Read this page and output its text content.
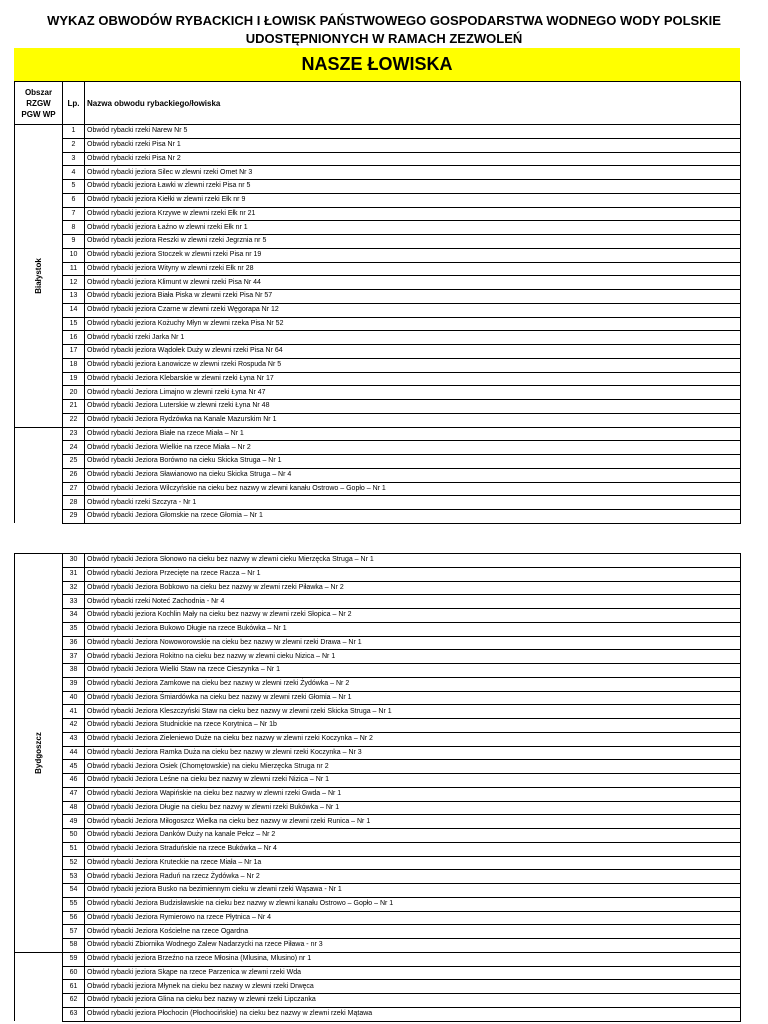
WYKAZ OBWODÓW RYBACKICH I ŁOWISK PAŃSTWOWEGO GOSPODARSTWA WODNEGO WODY POLSKIE
UDOSTĘPNIONYCH W RAMACH ZEZWOLEŃ
NASZE ŁOWISKA
Obszar RZGW PGW WP	Lp.	Nazwa obwodu rybackiego/łowiska

Białystok	1	Obwód rybacki rzeki Narew Nr 5
	2	Obwód rybacki rzeki Pisa Nr 1
	3	Obwód rybacki rzeki Pisa Nr 2
	4	Obwód rybacki jeziora Silec w zlewni rzeki Omet Nr 3
	5	Obwód rybacki jeziora Ławki w zlewni rzeki Pisa nr 5
	6	Obwód rybacki jeziora Kiełki w zlewni rzeki Ełk nr 9
	7	Obwód rybacki jeziora Krzywe w zlewni rzeki Ełk nr 21
	8	Obwód rybacki jeziora Łaźno w zlewni rzeki Ełk nr 1
	9	Obwód rybacki jeziora Reszki w zlewni rzeki Jegrznia nr 5
	10	Obwód rybacki jeziora Stoczek w zlewni rzeki Pisa nr 19
	11	Obwód rybacki jeziora Wityny w zlewni rzeki Ełk nr 28
	12	Obwód rybacki jeziora Klimunt w zlewni rzeki Pisa Nr 44
	13	Obwód rybacki jeziora Biała Piska w zlewni rzeki Pisa Nr 57
	14	Obwód rybacki jeziora Czarne w zlewni rzeki Węgorapa Nr 12
	15	Obwód rybacki jeziora Kożuchy Młyn w zlewni rzeka Pisa Nr 52
	16	Obwód rybacki rzeki Jarka Nr 1
	17	Obwód rybacki jeziora Wądołek Duży w zlewni rzeki Pisa Nr 64
	18	Obwód rybacki jeziora Łanowicze w zlewni rzeki Rospuda Nr 5
	19	Obwód rybacki Jeziora Klebarskie w zlewni rzeki Łyna Nr 17
	20	Obwód rybacki Jeziora Limajno w zlewni rzeki Łyna Nr 47
	21	Obwód rybacki Jeziora Luterskie w zlewni rzeki Łyna Nr 48
	22	Obwód rybacki Jeziora Rydzówka na Kanale Mazurskim Nr 1
	23	Obwód rybacki Jeziora Białe na rzece Miała – Nr 1
	24	Obwód rybacki Jeziora Wielkie na rzece Miała – Nr 2
	25	Obwód rybacki Jeziora Borówno na cieku Skicka Struga – Nr 1
	26	Obwód rybacki Jeziora Sławianowo na cieku Skicka Struga – Nr 4
	27	Obwód rybacki Jeziora Wilczyńskie na cieku bez nazwy w zlewni kanału Ostrowo – Gopło – Nr 1
	28	Obwód rybacki rzeki Szczyra - Nr 1
	29	Obwód rybacki Jeziora Głomskie na rzece Głomia – Nr 1
Bydgoszcz	30	Obwód rybacki Jeziora Słonowo na cieku bez nazwy w zlewni cieku Mierzęcka Struga – Nr 1
	31	Obwód rybacki Jeziora Przecięte na rzece Racza – Nr 1
	32	Obwód rybacki Jeziora Bobkowo na cieku bez nazwy w zlewni rzeki Piławka – Nr 2
	33	Obwód rybacki rzeki Noteć Zachodnia - Nr 4
	34	Obwód rybacki jeziora Kochlin Mały na cieku bez nazwy w zlewni rzeki Słopica – Nr 2
	35	Obwód rybacki Jeziora Bukowo Długie na rzece Bukówka – Nr 1
	36	Obwód rybacki Jeziora Nowoworowskie na cieku bez nazwy w zlewni rzeki Drawa – Nr 1
	37	Obwód rybacki Jeziora Rokitno na cieku bez nazwy w zlewni cieku Nizica – Nr 1
	38	Obwód rybacki Jeziora Wielki Staw na rzece Cieszynka – Nr 1
	39	Obwód rybacki Jeziora Zamkowe na cieku bez nazwy w zlewni rzeki Żydówka – Nr 2
	40	Obwód rybacki Jeziora Śmiardówka na cieku bez nazwy w zlewni rzeki Głomia – Nr 1
	41	Obwód rybacki Jeziora Kleszczyński Staw na cieku bez nazwy w zlewni rzeki Skicka Struga – Nr 1
	42	Obwód rybacki Jeziora Studnickie na rzece Korytnica – Nr 1b
	43	Obwód rybacki Jeziora Zieleniewo Duże na cieku bez nazwy w zlewni rzeki Koczynka – Nr 2
	44	Obwód rybacki Jeziora Ramka Duża na cieku bez nazwy w zlewni rzeki Koczynka – Nr 3
	45	Obwód rybacki Jeziora Osiek (Chomętowskie) na cieku Mierzęcka Struga nr 2
	46	Obwód rybacki Jeziora Leśne na cieku bez nazwy w zlewni rzeki Nizica – Nr 1
	47	Obwód rybacki Jeziora Wapińskie na cieku bez nazwy w zlewni rzeki Gwda – Nr 1
	48	Obwód rybacki Jeziora Długie na cieku bez nazwy w zlewni rzeki Bukówka – Nr 1
	49	Obwód rybacki Jeziora Miłogoszcz Wielka na cieku bez nazwy w zlewni rzeki Runica – Nr 1
	50	Obwód rybacki Jeziora Danków Duży na kanale Pełcz – Nr 2
	51	Obwód rybacki Jeziora Straduńskie na rzece Bukówka – Nr 4
	52	Obwód rybacki Jeziora Kruteckie na rzece Miała – Nr 1a
	53	Obwód rybacki Jeziora Raduń na rzecz Żydówka – Nr 2
	54	Obwód rybacki jeziora Busko na bezimiennym cieku w zlewni rzeki Wąsawa - Nr 1
	55	Obwód rybacki Jeziora Budzisławskie na cieku bez nazwy w zlewni kanału Ostrowo – Gopło – Nr 1
	56	Obwód rybacki Jeziora Rymierowo na rzece Płytnica – Nr 4
	57	Obwód rybacki Jeziora Kościelne na rzece Ogardna
	58	Obwód rybacki Zbiornika Wodnego Zalew Nadarzycki na rzece Piława - nr 3
	59	Obwód rybacki jeziora Brzeźno na rzece Młosina (Mlusina, Mlusino) nr 1
	60	Obwód rybacki jeziora Skąpe na rzece Parzenica w zlewni rzeki Wda
	61	Obwód rybacki jeziora Młynek na cieku bez nazwy w zlewni rzeki Drwęca
	62	Obwód rybacki jeziora Glina na cieku bez nazwy w zlewni rzeki Lipczanka
	63	Obwód rybacki jeziora Płochocin (Płochocińskie) na cieku bez nazwy w zlewni rzeki Mątawa
